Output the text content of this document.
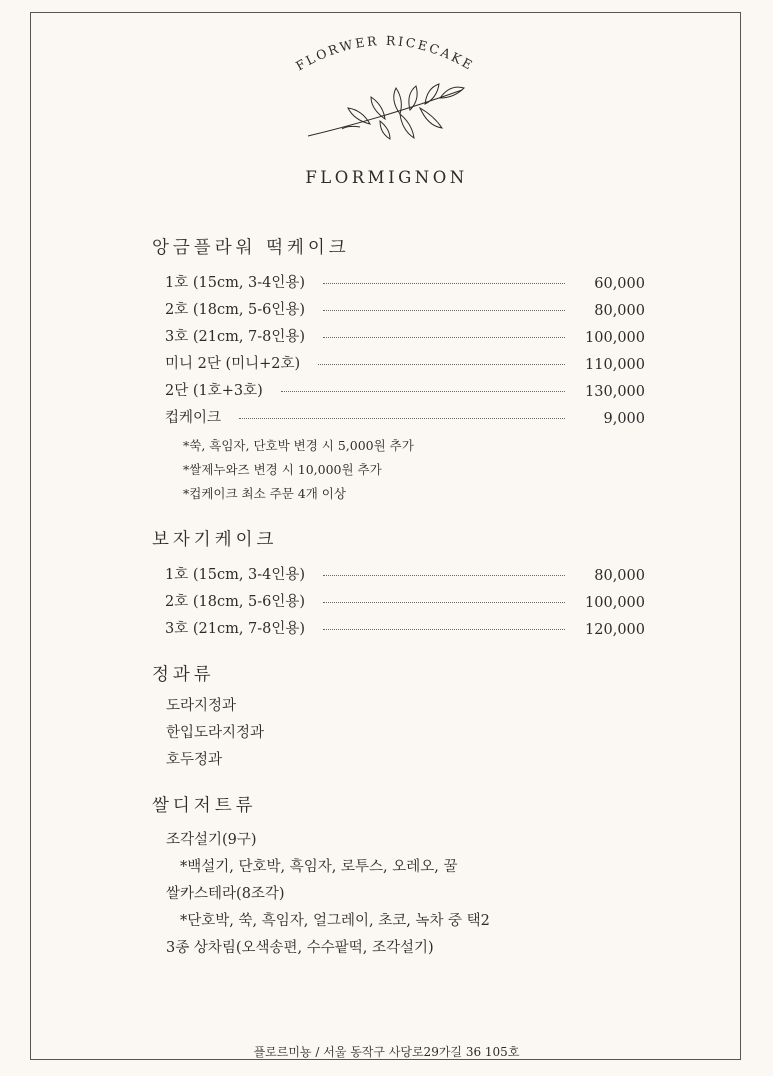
FLORWER RICECAKE
FLORMIGNON
앙금플라워 떡케이크
1호 (15cm, 3-4인용)	60,000
2호 (18cm, 5-6인용)	80,000
3호 (21cm, 7-8인용)	100,000
미니 2단 (미니+2호)	110,000
2단 (1호+3호)	130,000
컵케이크	9,000
*쑥, 흑임자, 단호박 변경 시 5,000원 추가
*쌀제누와즈 변경 시 10,000원 추가
*컵케이크 최소 주문 4개 이상
보자기케이크
1호 (15cm, 3-4인용)	80,000
2호 (18cm, 5-6인용)	100,000
3호 (21cm, 7-8인용)	120,000
정과류
도라지정과
한입도라지정과
호두정과
쌀디저트류
조각설기(9구)
*백설기, 단호박, 흑임자, 로투스, 오레오, 꿀
쌀카스테라(8조각)
*단호박, 쑥, 흑임자, 얼그레이, 초코, 녹차 중 택2
3종 상차림(오색송편, 수수팥떡, 조각설기)
플로르미뇽 / 서울 동작구 사당로29가길 36 105호
